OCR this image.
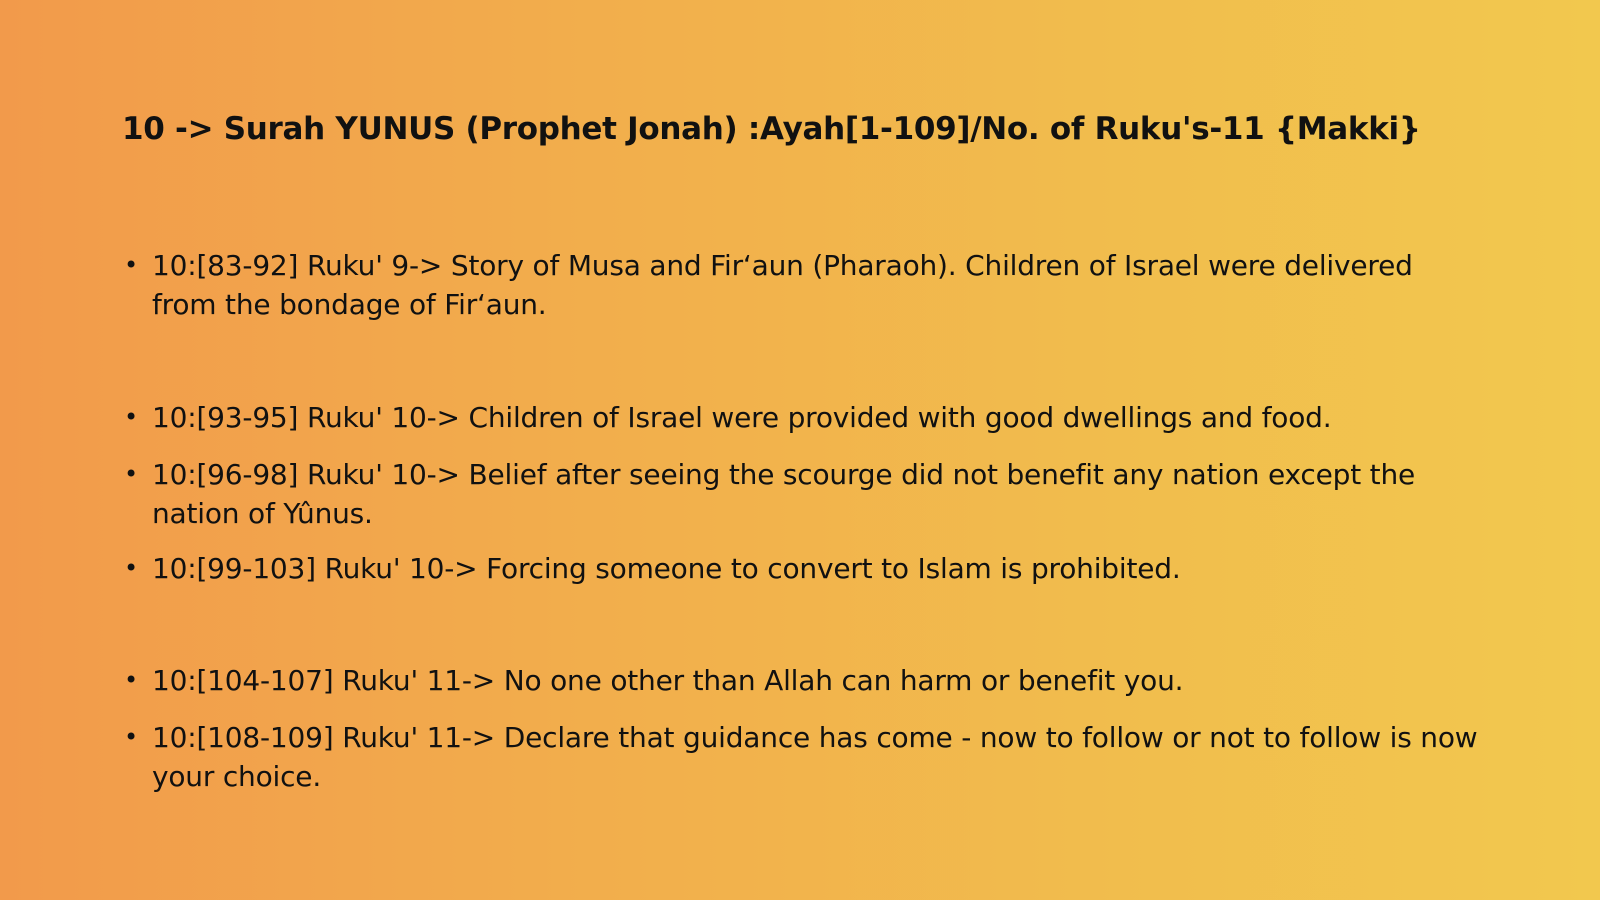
10 -> Surah YUNUS (Prophet Jonah) :Ayah[1-109]/No. of Ruku's-11 {Makki}
• 10:[83-92] Ruku' 9-> Story of Musa and Fir‘aun (Pharaoh). Children of Israel were delivered from the bondage of Fir‘aun.
• 10:[93-95] Ruku' 10-> Children of Israel were provided with good dwellings and food.
• 10:[96-98] Ruku' 10-> Belief after seeing the scourge did not benefit any nation except the nation of Yûnus.
• 10:[99-103] Ruku' 10-> Forcing someone to convert to Islam is prohibited.
• 10:[104-107] Ruku' 11-> No one other than Allah can harm or benefit you.
• 10:[108-109] Ruku' 11-> Declare that guidance has come - now to follow or not to follow is now your choice.
